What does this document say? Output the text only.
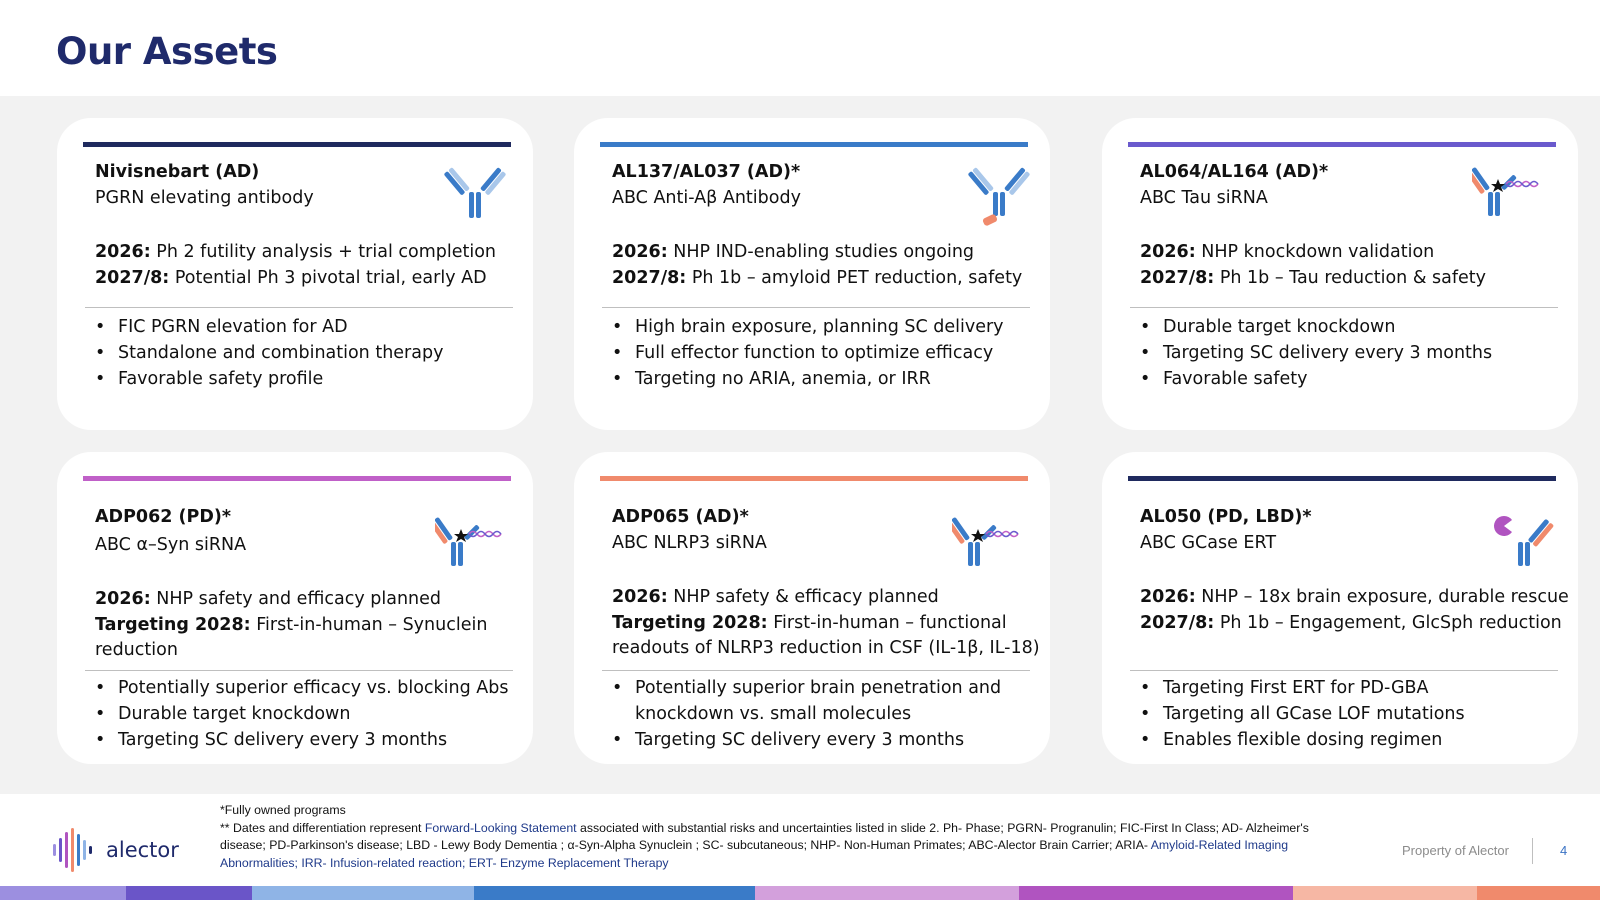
Our Assets
Nivisnebart (AD)
PGRN elevating antibody
2026: Ph 2 futility analysis + trial completion
2027/8: Potential Ph 3 pivotal trial, early AD
• FIC PGRN elevation for AD
• Standalone and combination therapy
• Favorable safety profile
AL137/AL037 (AD)*
ABC Anti-Aβ Antibody
2026: NHP IND-enabling studies ongoing
2027/8: Ph 1b – amyloid PET reduction, safety
• High brain exposure, planning SC delivery
• Full effector function to optimize efficacy
• Targeting no ARIA, anemia, or IRR
AL064/AL164 (AD)*
ABC Tau siRNA
2026: NHP knockdown validation
2027/8: Ph 1b – Tau reduction & safety
• Durable target knockdown
• Targeting SC delivery every 3 months
• Favorable safety
ADP062 (PD)*
ABC α–Syn siRNA
2026: NHP safety and efficacy planned
Targeting 2028: First-in-human – Synuclein reduction
• Potentially superior efficacy vs. blocking Abs
• Durable target knockdown
• Targeting SC delivery every 3 months
ADP065 (AD)*
ABC NLRP3 siRNA
2026: NHP safety & efficacy planned
Targeting 2028: First-in-human – functional readouts of NLRP3 reduction in CSF (IL-1β, IL-18)
• Potentially superior brain penetration and knockdown vs. small molecules
• Targeting SC delivery every 3 months
AL050 (PD, LBD)*
ABC GCase ERT
2026: NHP – 18x brain exposure, durable rescue
2027/8: Ph 1b – Engagement, GlcSph reduction
• Targeting First ERT for PD-GBA
• Targeting all GCase LOF mutations
• Enables flexible dosing regimen
alector
*Fully owned programs
** Dates and differentiation represent Forward-Looking Statement associated with substantial risks and uncertainties listed in slide 2. Ph- Phase; PGRN- Progranulin; FIC-First In Class; AD- Alzheimer's disease; PD-Parkinson's disease; LBD - Lewy Body Dementia ; α-Syn-Alpha Synuclein ; SC- subcutaneous; NHP- Non-Human Primates; ABC-Alector Brain Carrier; ARIA- Amyloid-Related Imaging Abnormalities; IRR- Infusion-related reaction; ERT- Enzyme Replacement Therapy
Property of Alector	4
